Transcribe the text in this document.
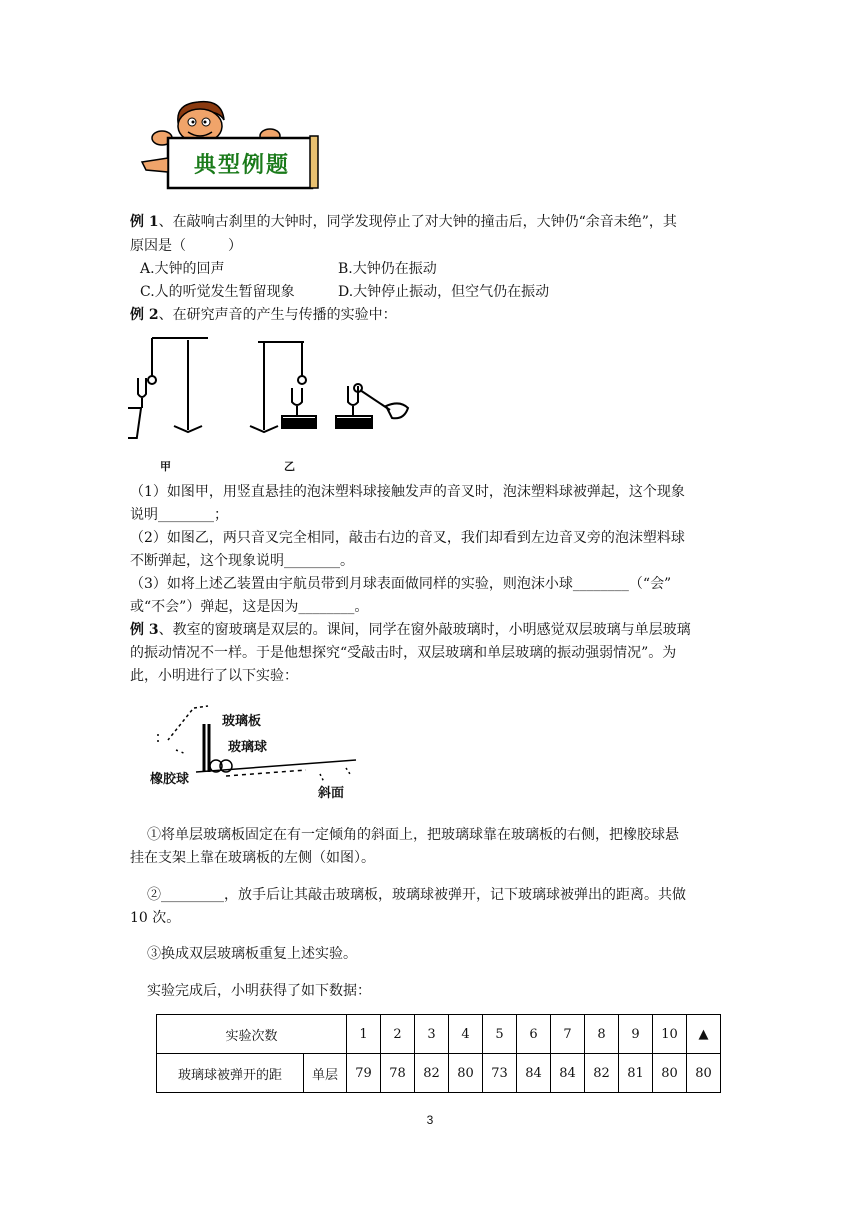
典型例题
例 1、在敲响古刹里的大钟时，同学发现停止了对大钟的撞击后，大钟仍“余音未绝”，其
原因是（　　　）
A.大钟的回声	B.大钟仍在振动
C.人的听觉发生暂留现象	D.大钟停止振动，但空气仍在振动
例 2、在研究声音的产生与传播的实验中：
甲	乙
（1）如图甲，用竖直悬挂的泡沫塑料球接触发声的音叉时，泡沫塑料球被弹起，这个现象
说明________；
（2）如图乙，两只音叉完全相同，敲击右边的音叉，我们却看到左边音叉旁的泡沫塑料球
不断弹起，这个现象说明________。
（3）如将上述乙装置由宇航员带到月球表面做同样的实验，则泡沫小球________（“会”
或“不会”）弹起，这是因为________。
例 3、教室的窗玻璃是双层的。课间，同学在窗外敲玻璃时，小明感觉双层玻璃与单层玻璃
的振动情况不一样。于是他想探究“受敲击时，双层玻璃和单层玻璃的振动强弱情况”。为
此，小明进行了以下实验：
玻璃板
玻璃球
橡胶球
斜面
①将单层玻璃板固定在有一定倾角的斜面上，把玻璃球靠在玻璃板的右侧，把橡胶球悬
挂在支架上靠在玻璃板的左侧（如图）。
②_________，放手后让其敲击玻璃板，玻璃球被弹开，记下玻璃球被弹出的距离。共做
10 次。
③换成双层玻璃板重复上述实验。
实验完成后，小明获得了如下数据：
实验次数		1	2	3	4	5	6	7	8	9	10	▲
玻璃球被弹开的距	单层	79	78	82	80	73	84	84	82	81	80	80
3
